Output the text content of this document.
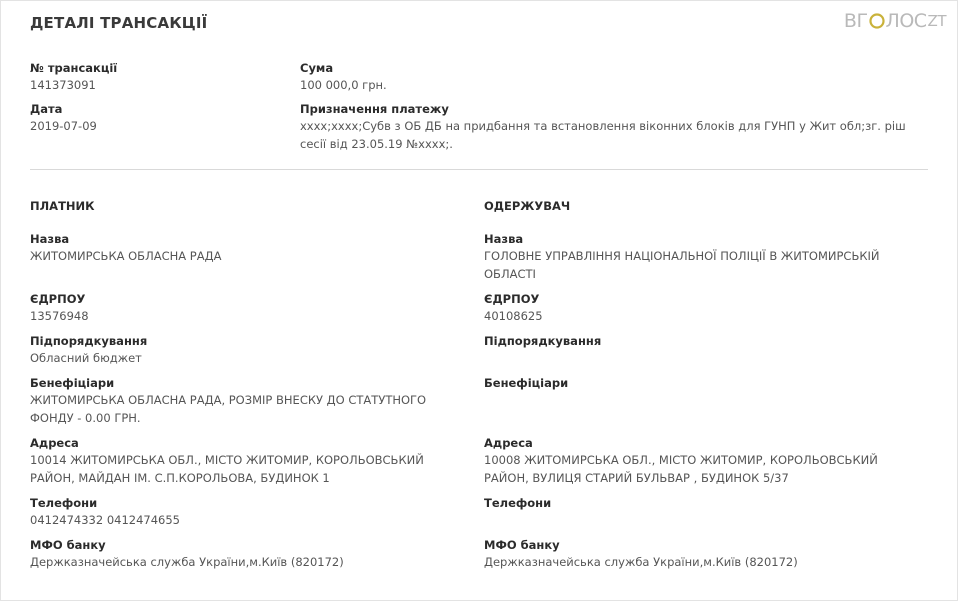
ДЕТАЛІ ТРАНСАКЦІЇ	ВГ ЛОС ZT
№ трансакції
141373091
Дата
2019-07-09
Сума
100 000,0 грн.
Призначення платежу
xxxx;xxxx;Субв з ОБ ДБ на придбання та встановлення віконних блоків для ГУНП у Жит обл;зг. ріш сесії від 23.05.19 №xxxx;.
ПЛАТНИК
Назва
ЖИТОМИРСЬКА ОБЛАСНА РАДА
ЄДРПОУ
13576948
Підпорядкування
Обласний бюджет
Бенефіціари
ЖИТОМИРСЬКА ОБЛАСНА РАДА, РОЗМІР ВНЕСКУ ДО СТАТУТНОГО ФОНДУ - 0.00 ГРН.
Адреса
10014 ЖИТОМИРСЬКА ОБЛ., МІСТО ЖИТОМИР, КОРОЛЬОВСЬКИЙ РАЙОН, МАЙДАН ІМ. С.П.КОРОЛЬОВА, БУДИНОК 1
Телефони
0412474332 0412474655
МФО банку
Держказначейська служба України,м.Київ (820172)
ОДЕРЖУВАЧ
Назва
ГОЛОВНЕ УПРАВЛІННЯ НАЦІОНАЛЬНОЇ ПОЛІЦІЇ В ЖИТОМИРСЬКІЙ ОБЛАСТІ
ЄДРПОУ
40108625
Підпорядкування
Бенефіціари
Адреса
10008 ЖИТОМИРСЬКА ОБЛ., МІСТО ЖИТОМИР, КОРОЛЬОВСЬКИЙ РАЙОН, ВУЛИЦЯ СТАРИЙ БУЛЬВАР , БУДИНОК 5/37
Телефони
МФО банку
Держказначейська служба України,м.Київ (820172)
